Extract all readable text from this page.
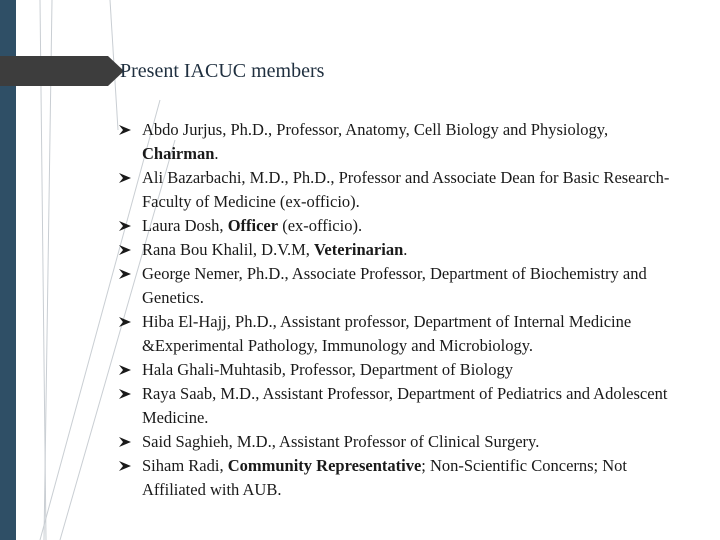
Present IACUC members
Abdo Jurjus, Ph.D., Professor, Anatomy, Cell Biology and Physiology, Chairman.
Ali Bazarbachi, M.D., Ph.D., Professor and Associate Dean for Basic Research- Faculty of Medicine (ex-officio).
Laura Dosh, Officer (ex-officio).
Rana Bou Khalil, D.V.M, Veterinarian.
George Nemer, Ph.D., Associate Professor, Department of Biochemistry and Genetics.
Hiba El-Hajj, Ph.D., Assistant professor, Department of Internal Medicine &Experimental Pathology, Immunology and Microbiology.
Hala Ghali-Muhtasib, Professor, Department of Biology
Raya Saab, M.D., Assistant Professor, Department of Pediatrics and Adolescent Medicine.
Said Saghieh, M.D., Assistant Professor of Clinical Surgery.
Siham Radi, Community Representative; Non-Scientific Concerns; Not Affiliated with AUB.
